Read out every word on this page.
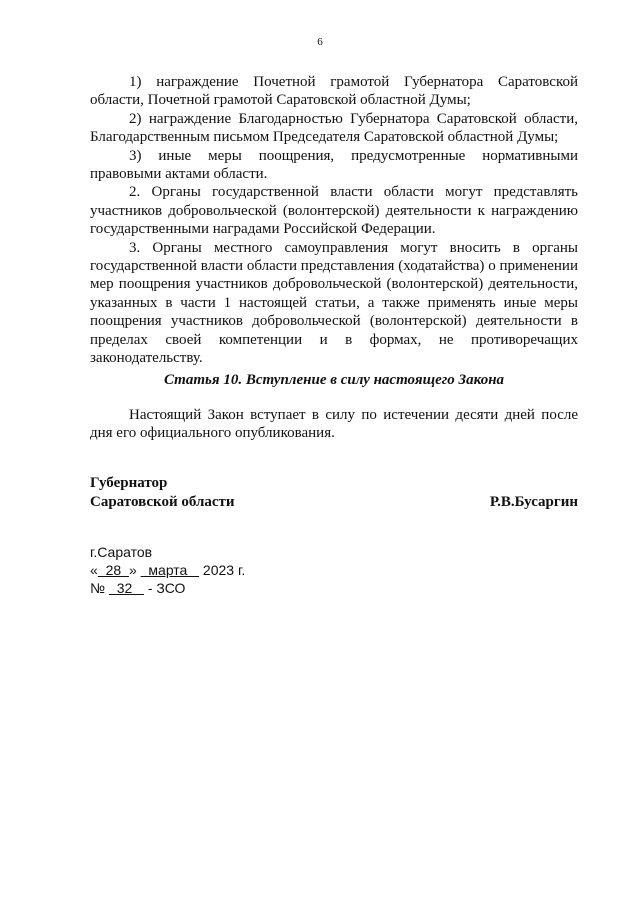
6

1) награждение Почетной грамотой Губернатора Саратовской области, Почетной грамотой Саратовской областной Думы;

2) награждение Благодарностью Губернатора Саратовской области, Благодарственным письмом Председателя Саратовской областной Думы;

3) иные меры поощрения, предусмотренные нормативными правовыми актами области.

2. Органы государственной власти области могут представлять участников добровольческой (волонтерской) деятельности к награждению государственными наградами Российской Федерации.

3. Органы местного самоуправления могут вносить в органы государственной власти области представления (ходатайства) о применении мер поощрения участников добровольческой (волонтерской) деятельности, указанных в части 1 настоящей статьи, а также применять иные меры поощрения участников добровольческой (волонтерской) деятельности в пределах своей компетенции и в формах, не противоречащих законодательству.

Статья 10. Вступление в силу настоящего Закона

Настоящий Закон вступает в силу по истечении десяти дней после дня его официального опубликования.

Губернатор
Саратовской области	Р.В.Бусаргин
г.Саратов
«  28  »   марта    2023 г.
№   32    - ЗСО
